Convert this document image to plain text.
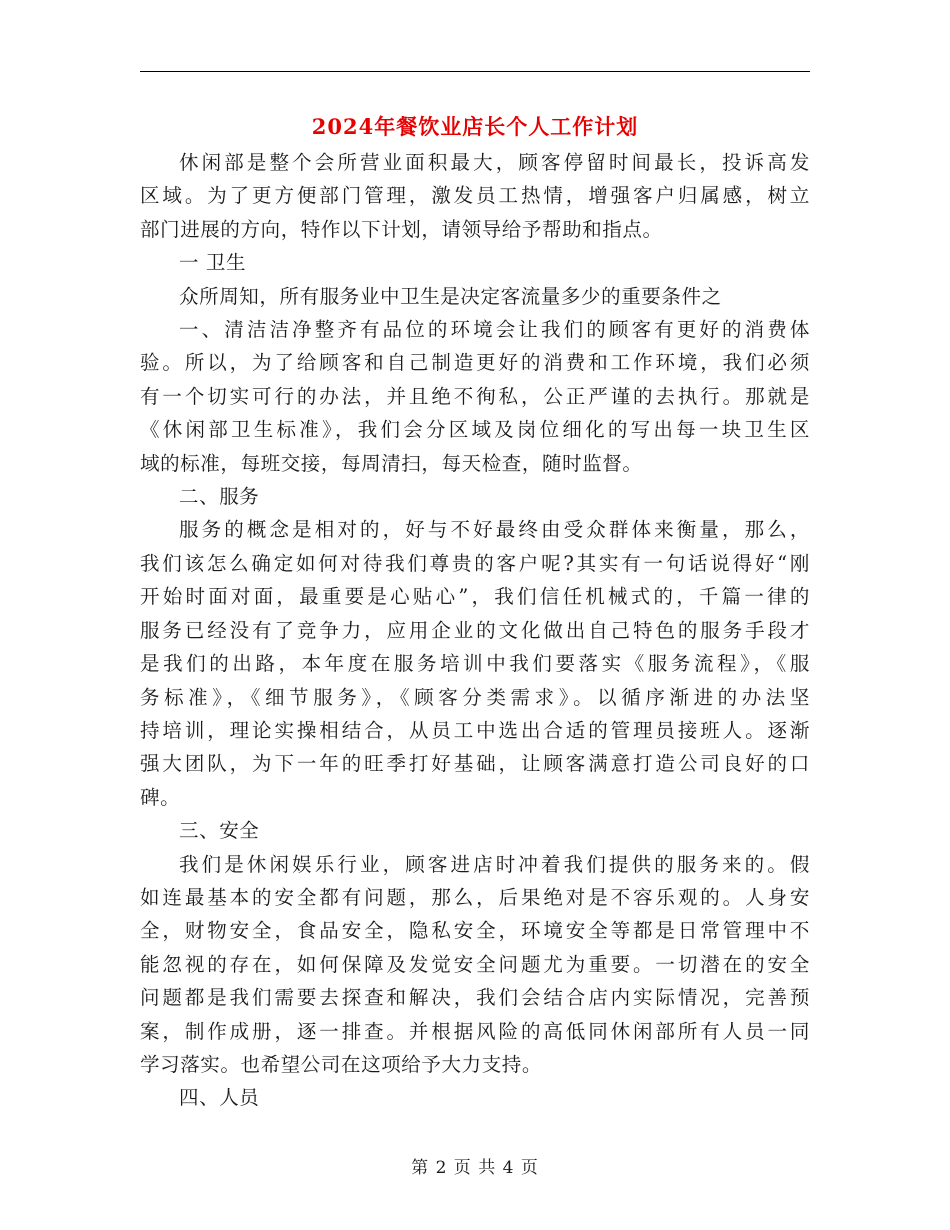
2024年餐饮业店长个人工作计划

休闲部是整个会所营业面积最大，顾客停留时间最长，投诉高发
区域。为了更方便部门管理，激发员工热情，增强客户归属感，树立
部门进展的方向，特作以下计划，请领导给予帮助和指点。

一 卫生

众所周知，所有服务业中卫生是决定客流量多少的重要条件之

一、清洁洁净整齐有品位的环境会让我们的顾客有更好的消费体
验。所以，为了给顾客和自己制造更好的消费和工作环境，我们必须
有一个切实可行的办法，并且绝不徇私，公正严谨的去执行。那就是
《休闲部卫生标准》，我们会分区域及岗位细化的写出每一块卫生区
域的标准，每班交接，每周清扫，每天检查，随时监督。

二、服务

服务的概念是相对的，好与不好最终由受众群体来衡量，那么，
我们该怎么确定如何对待我们尊贵的客户呢?其实有一句话说得好“刚
开始时面对面，最重要是心贴心”，我们信任机械式的，千篇一律的
服务已经没有了竞争力，应用企业的文化做出自己特色的服务手段才
是我们的出路，本年度在服务培训中我们要落实《服务流程》，《服
务标准》，《细节服务》，《顾客分类需求》。以循序渐进的办法坚
持培训，理论实操相结合，从员工中选出合适的管理员接班人。逐渐
强大团队，为下一年的旺季打好基础，让顾客满意打造公司良好的口
碑。

三、安全

我们是休闲娱乐行业，顾客进店时冲着我们提供的服务来的。假
如连最基本的安全都有问题，那么，后果绝对是不容乐观的。人身安
全，财物安全，食品安全，隐私安全，环境安全等都是日常管理中不
能忽视的存在，如何保障及发觉安全问题尤为重要。一切潜在的安全
问题都是我们需要去探查和解决，我们会结合店内实际情况，完善预
案，制作成册，逐一排查。并根据风险的高低同休闲部所有人员一同
学习落实。也希望公司在这项给予大力支持。

四、人员

第 2 页 共 4 页
